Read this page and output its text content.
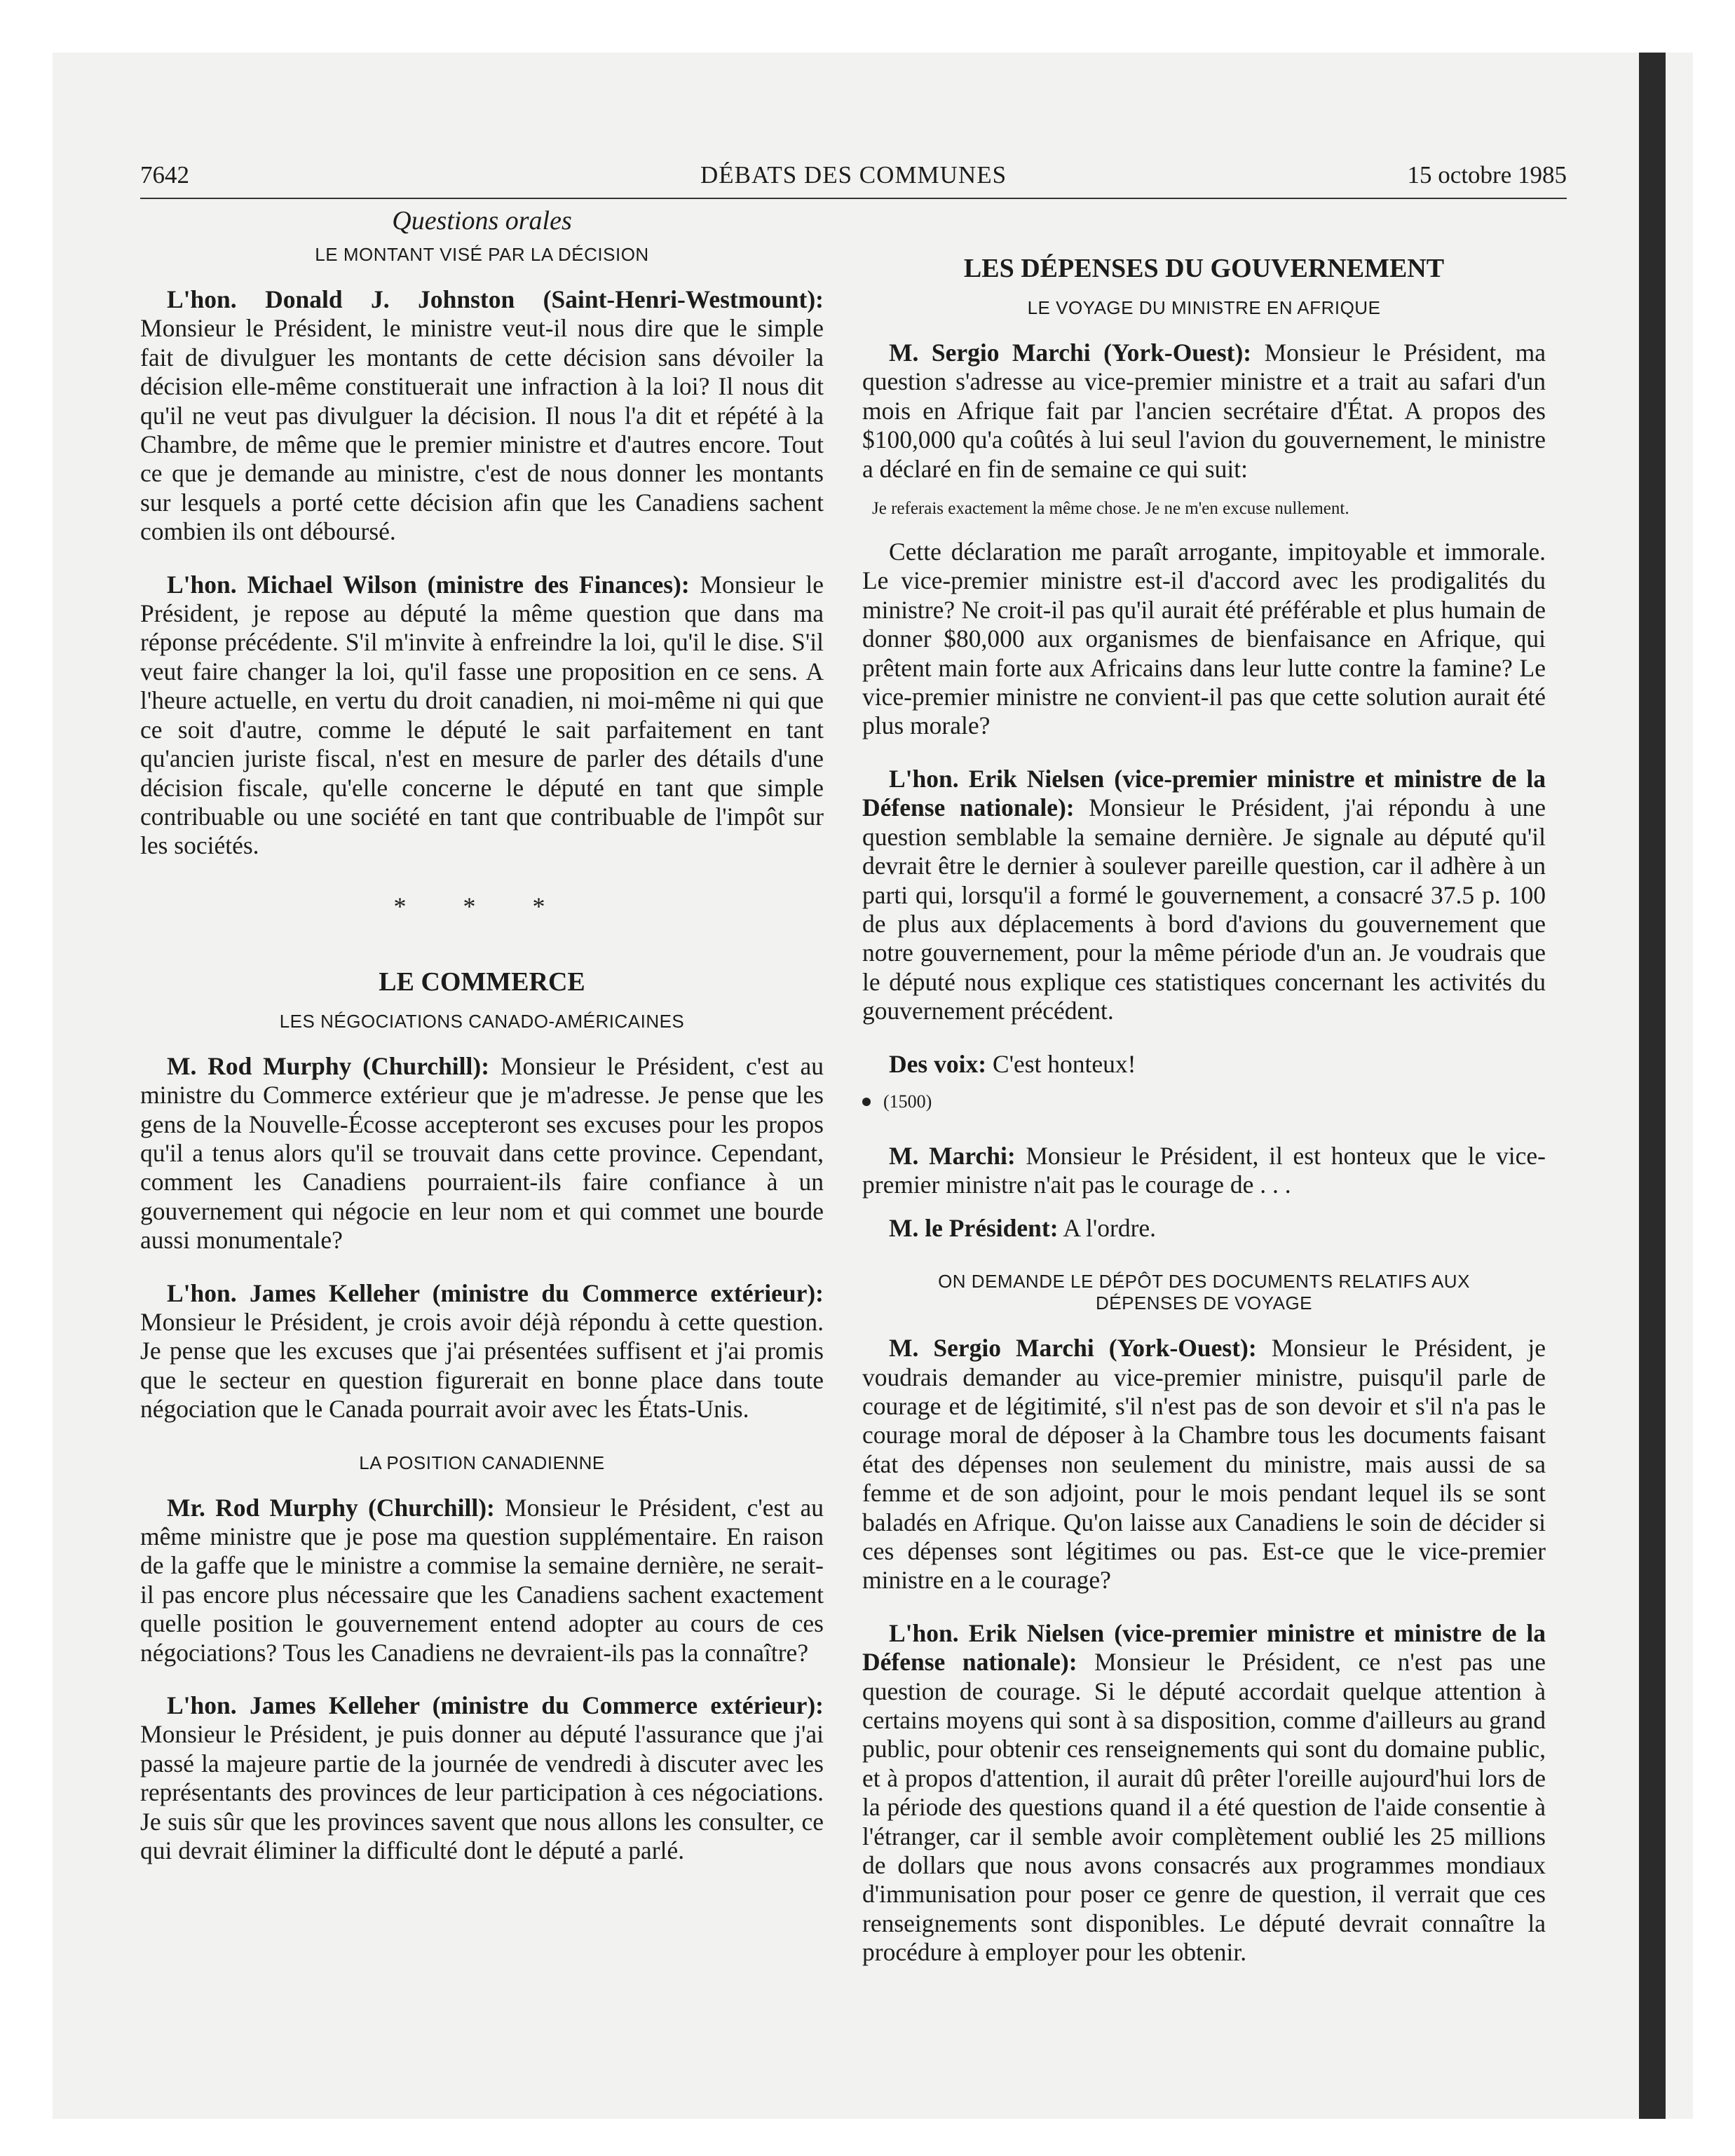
7642	DÉBATS DES COMMUNES	15 octobre 1985
Questions orales
LE MONTANT VISÉ PAR LA DÉCISION

L'hon. Donald J. Johnston (Saint-Henri-Westmount): Monsieur le Président, le ministre veut-il nous dire que le simple fait de divulguer les montants de cette décision sans dévoiler la décision elle-même constituerait une infraction à la loi? Il nous dit qu'il ne veut pas divulguer la décision. Il nous l'a dit et répété à la Chambre, de même que le premier ministre et d'autres encore. Tout ce que je demande au ministre, c'est de nous donner les montants sur lesquels a porté cette décision afin que les Canadiens sachent combien ils ont déboursé.

L'hon. Michael Wilson (ministre des Finances): Monsieur le Président, je repose au député la même question que dans ma réponse précédente. S'il m'invite à enfreindre la loi, qu'il le dise. S'il veut faire changer la loi, qu'il fasse une proposition en ce sens. A l'heure actuelle, en vertu du droit canadien, ni moi-même ni qui que ce soit d'autre, comme le député le sait parfaitement en tant qu'ancien juriste fiscal, n'est en mesure de parler des détails d'une décision fiscale, qu'elle concerne le député en tant que simple contribuable ou une société en tant que contribuable de l'impôt sur les sociétés.

* * *
LE COMMERCE
LES NÉGOCIATIONS CANADO-AMÉRICAINES

M. Rod Murphy (Churchill): Monsieur le Président, c'est au ministre du Commerce extérieur que je m'adresse. Je pense que les gens de la Nouvelle-Écosse accepteront ses excuses pour les propos qu'il a tenus alors qu'il se trouvait dans cette province. Cependant, comment les Canadiens pourraient-ils faire confiance à un gouvernement qui négocie en leur nom et qui commet une bourde aussi monumentale?

L'hon. James Kelleher (ministre du Commerce extérieur): Monsieur le Président, je crois avoir déjà répondu à cette question. Je pense que les excuses que j'ai présentées suffisent et j'ai promis que le secteur en question figurerait en bonne place dans toute négociation que le Canada pourrait avoir avec les États-Unis.

LA POSITION CANADIENNE

Mr. Rod Murphy (Churchill): Monsieur le Président, c'est au même ministre que je pose ma question supplémentaire. En raison de la gaffe que le ministre a commise la semaine dernière, ne serait-il pas encore plus nécessaire que les Canadiens sachent exactement quelle position le gouvernement entend adopter au cours de ces négociations? Tous les Canadiens ne devraient-ils pas la connaître?

L'hon. James Kelleher (ministre du Commerce extérieur): Monsieur le Président, je puis donner au député l'assurance que j'ai passé la majeure partie de la journée de vendredi à discuter avec les représentants des provinces de leur participation à ces négociations. Je suis sûr que les provinces savent que nous allons les consulter, ce qui devrait éliminer la difficulté dont le député a parlé.

LES DÉPENSES DU GOUVERNEMENT
LE VOYAGE DU MINISTRE EN AFRIQUE

M. Sergio Marchi (York-Ouest): Monsieur le Président, ma question s'adresse au vice-premier ministre et a trait au safari d'un mois en Afrique fait par l'ancien secrétaire d'État. A propos des $100,000 qu'a coûtés à lui seul l'avion du gouvernement, le ministre a déclaré en fin de semaine ce qui suit:

Je referais exactement la même chose. Je ne m'en excuse nullement.

Cette déclaration me paraît arrogante, impitoyable et immorale. Le vice-premier ministre est-il d'accord avec les prodigalités du ministre? Ne croit-il pas qu'il aurait été préférable et plus humain de donner $80,000 aux organismes de bienfaisance en Afrique, qui prêtent main forte aux Africains dans leur lutte contre la famine? Le vice-premier ministre ne convient-il pas que cette solution aurait été plus morale?

L'hon. Erik Nielsen (vice-premier ministre et ministre de la Défense nationale): Monsieur le Président, j'ai répondu à une question semblable la semaine dernière. Je signale au député qu'il devrait être le dernier à soulever pareille question, car il adhère à un parti qui, lorsqu'il a formé le gouvernement, a consacré 37.5 p. 100 de plus aux déplacements à bord d'avions du gouvernement que notre gouvernement, pour la même période d'un an. Je voudrais que le député nous explique ces statistiques concernant les activités du gouvernement précédent.

Des voix: C'est honteux!

(1500)

M. Marchi: Monsieur le Président, il est honteux que le vice-premier ministre n'ait pas le courage de . . .

M. le Président: A l'ordre.

ON DEMANDE LE DÉPÔT DES DOCUMENTS RELATIFS AUX
DÉPENSES DE VOYAGE

M. Sergio Marchi (York-Ouest): Monsieur le Président, je voudrais demander au vice-premier ministre, puisqu'il parle de courage et de légitimité, s'il n'est pas de son devoir et s'il n'a pas le courage moral de déposer à la Chambre tous les documents faisant état des dépenses non seulement du ministre, mais aussi de sa femme et de son adjoint, pour le mois pendant lequel ils se sont baladés en Afrique. Qu'on laisse aux Canadiens le soin de décider si ces dépenses sont légitimes ou pas. Est-ce que le vice-premier ministre en a le courage?

L'hon. Erik Nielsen (vice-premier ministre et ministre de la Défense nationale): Monsieur le Président, ce n'est pas une question de courage. Si le député accordait quelque attention à certains moyens qui sont à sa disposition, comme d'ailleurs au grand public, pour obtenir ces renseignements qui sont du domaine public, et à propos d'attention, il aurait dû prêter l'oreille aujourd'hui lors de la période des questions quand il a été question de l'aide consentie à l'étranger, car il semble avoir complètement oublié les 25 millions de dollars que nous avons consacrés aux programmes mondiaux d'immunisation pour poser ce genre de question, il verrait que ces renseignements sont disponibles. Le député devrait connaître la procédure à employer pour les obtenir.
